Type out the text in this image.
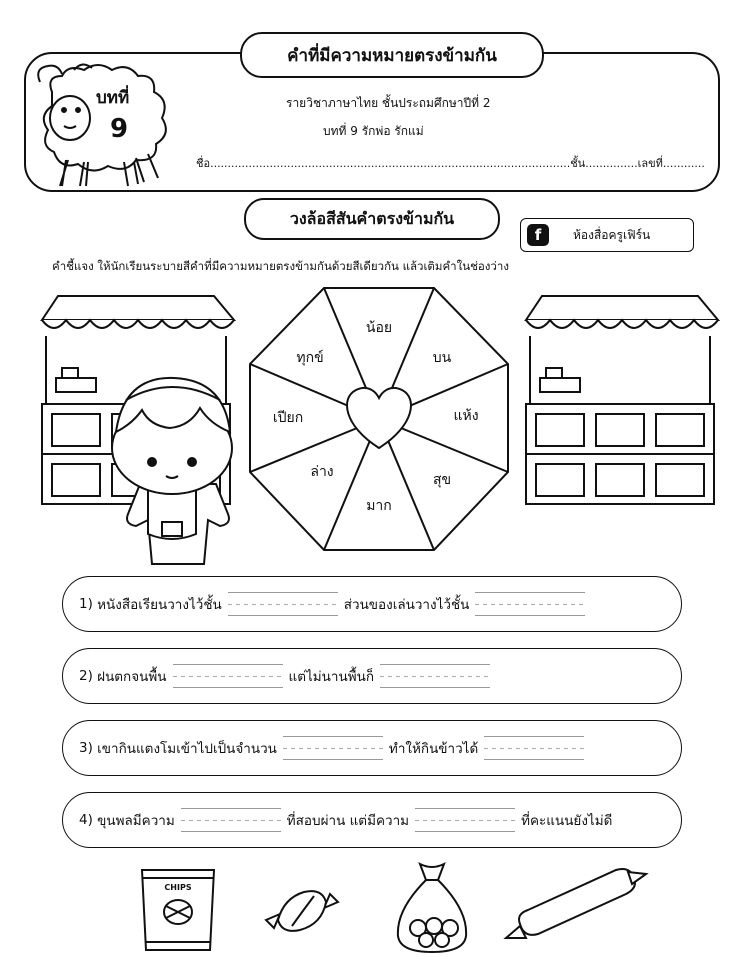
คำที่มีความหมายตรงข้ามกัน
บทที่
9
รายวิชาภาษาไทย ชั้นประถมศึกษาปีที่ 2
บทที่ 9 รักพ่อ รักแม่
ชื่อ.......................................................................................................ชั้น...............เลขที่............
วงล้อสีสันคำตรงข้ามกัน
f	ห้องสื่อครูเฟิร์น
คำชี้แจง ให้นักเรียนระบายสีคำที่มีความหมายตรงข้ามกันด้วยสีเดียวกัน แล้วเติมคำในช่องว่าง
น้อย
บน
แห้ง
สุข
มาก
ล่าง
เปียก
ทุกข์
1)
หนังสือเรียนวางไว้ชั้น	ส่วนของเล่นวางไว้ชั้น
2)
ฝนตกจนพื้น	แต่ไม่นานพื้นก็
3)
เขากินแตงโมเข้าไปเป็นจำนวน	ทำให้กินข้าวได้
4)
ขุนพลมีความ	ที่สอบผ่าน แต่มีความ	ที่คะแนนยังไม่ดี
CHIPS
